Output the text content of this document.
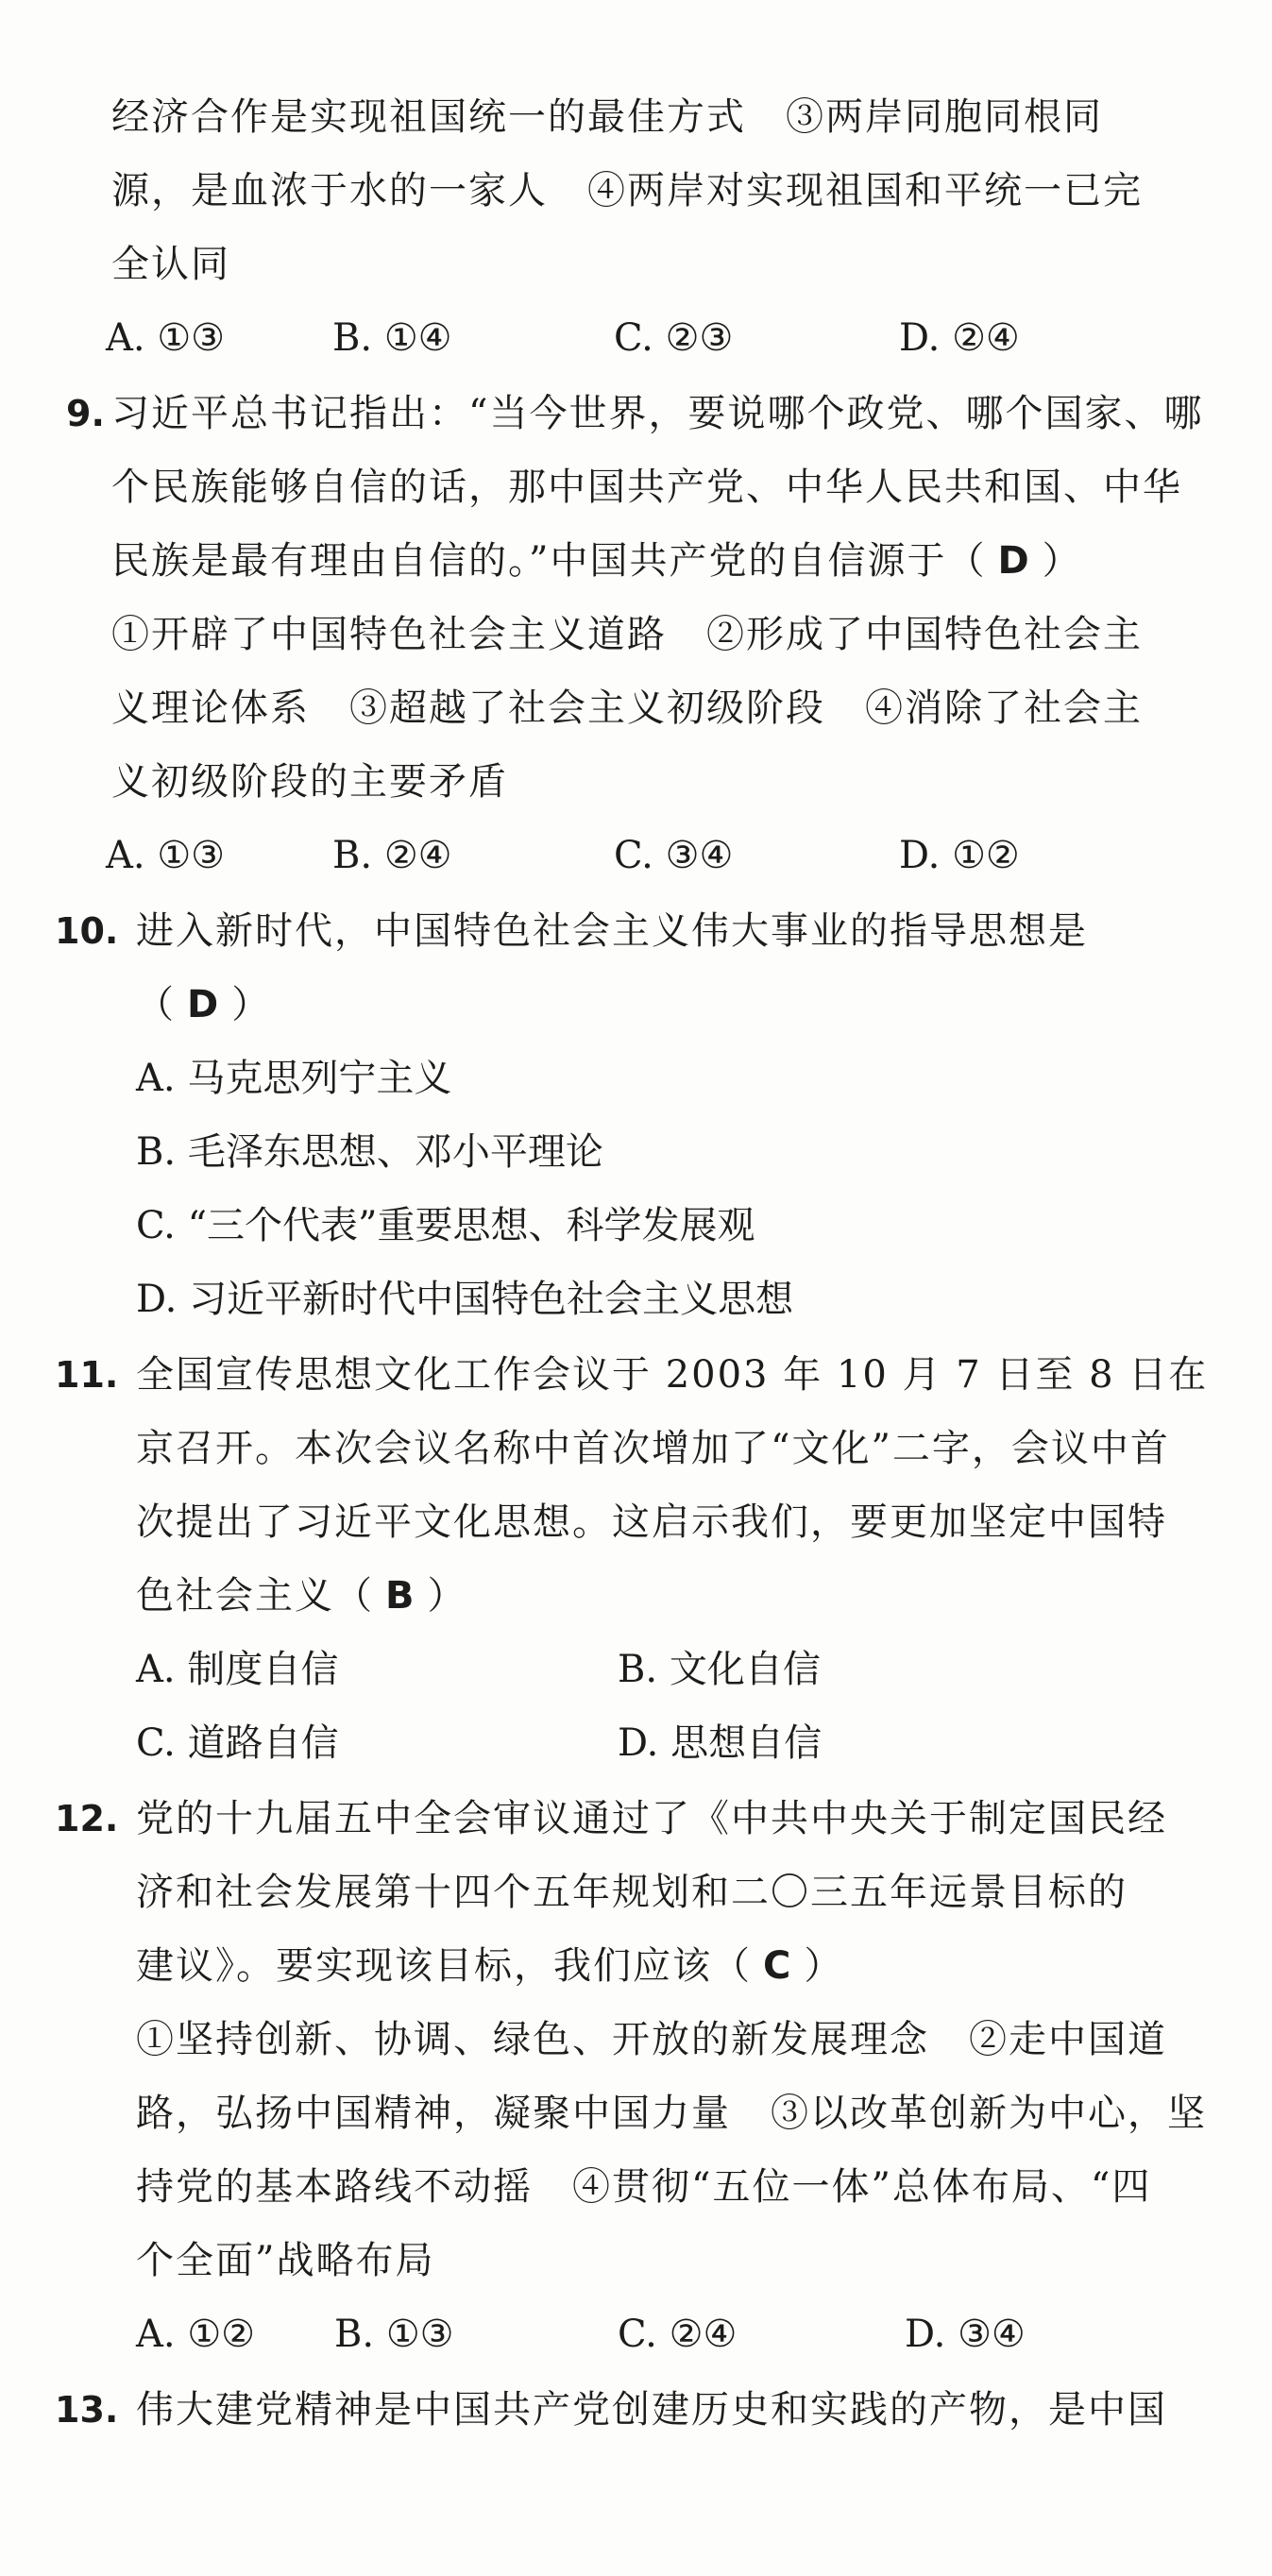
经济合作是实现祖国统一的最佳方式　③两岸同胞同根同
源，是血浓于水的一家人　④两岸对实现祖国和平统一已完
全认同
A. ①③	B. ①④	C. ②③	D. ②④
9. 习近平总书记指出：“当今世界，要说哪个政党、哪个国家、哪
个民族能够自信的话，那中国共产党、中华人民共和国、中华
民族是最有理由自信的。”中国共产党的自信源于（ D ）
①开辟了中国特色社会主义道路　②形成了中国特色社会主
义理论体系　③超越了社会主义初级阶段　④消除了社会主
义初级阶段的主要矛盾
A. ①③	B. ②④	C. ③④	D. ①②
10. 进入新时代，中国特色社会主义伟大事业的指导思想是
（ D ）
A. 马克思列宁主义
B. 毛泽东思想、邓小平理论
C. “三个代表”重要思想、科学发展观
D. 习近平新时代中国特色社会主义思想
11. 全国宣传思想文化工作会议于 2003 年 10 月 7 日至 8 日在
京召开。本次会议名称中首次增加了“文化”二字，会议中首
次提出了习近平文化思想。这启示我们，要更加坚定中国特
色社会主义（ B ）
A. 制度自信	B. 文化自信
C. 道路自信	D. 思想自信
12. 党的十九届五中全会审议通过了《中共中央关于制定国民经
济和社会发展第十四个五年规划和二〇三五年远景目标的
建议》。要实现该目标，我们应该（ C ）
①坚持创新、协调、绿色、开放的新发展理念　②走中国道
路，弘扬中国精神，凝聚中国力量　③以改革创新为中心，坚
持党的基本路线不动摇　④贯彻“五位一体”总体布局、“四
个全面”战略布局
A. ①② B. ①③	C. ②④	D. ③④
13. 伟大建党精神是中国共产党创建历史和实践的产物，是中国
